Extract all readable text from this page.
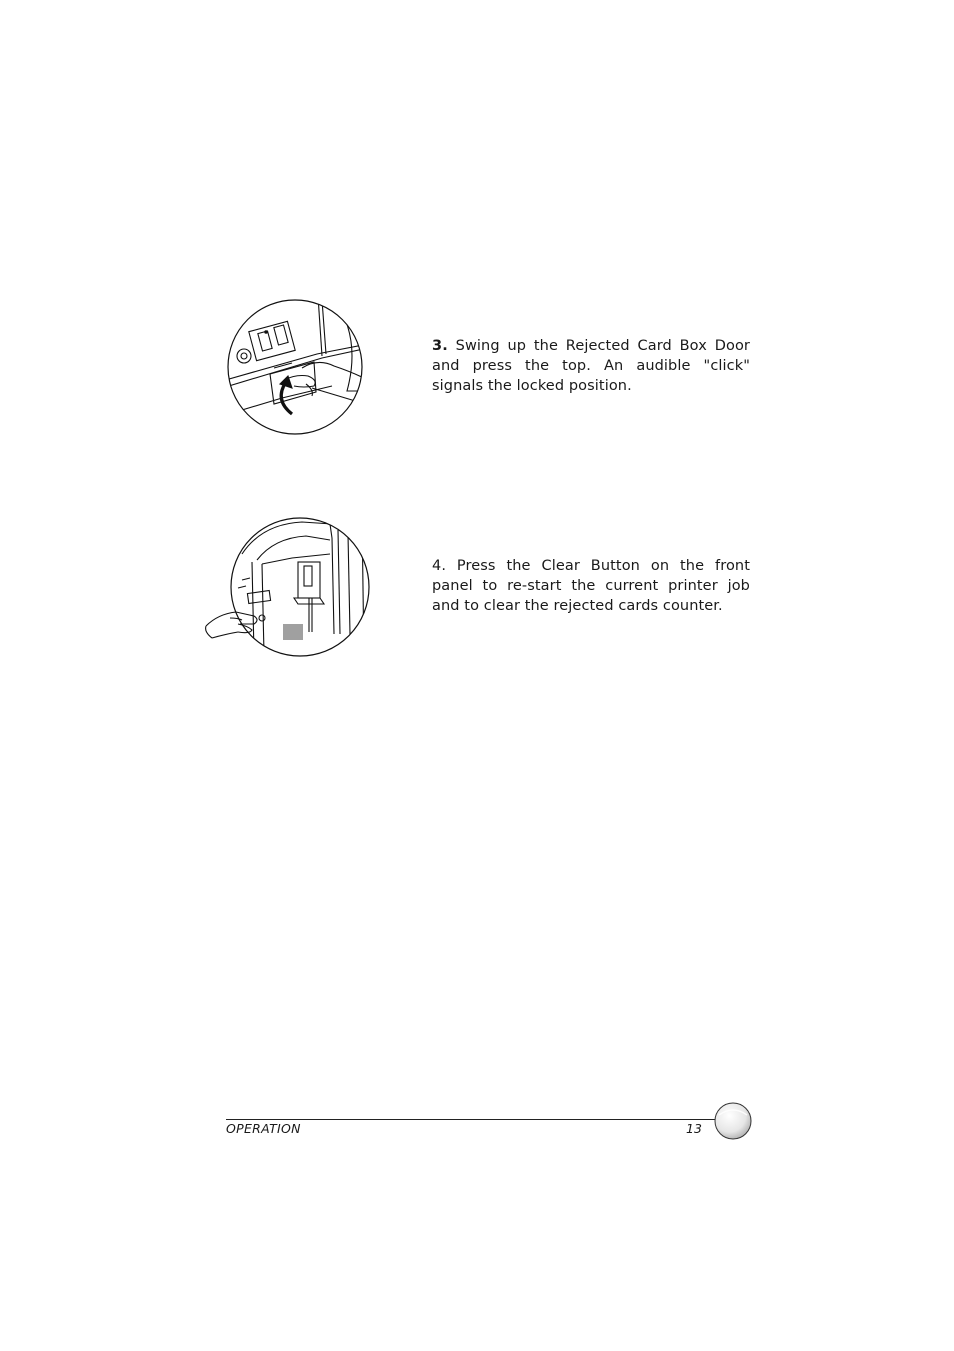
3. Swing up the Rejected Card Box Door and press the top. An audible "click" signals the locked position.
4. Press the Clear Button on the front panel to re-start the current printer job and to clear the rejected cards counter.
OPERATION	13
